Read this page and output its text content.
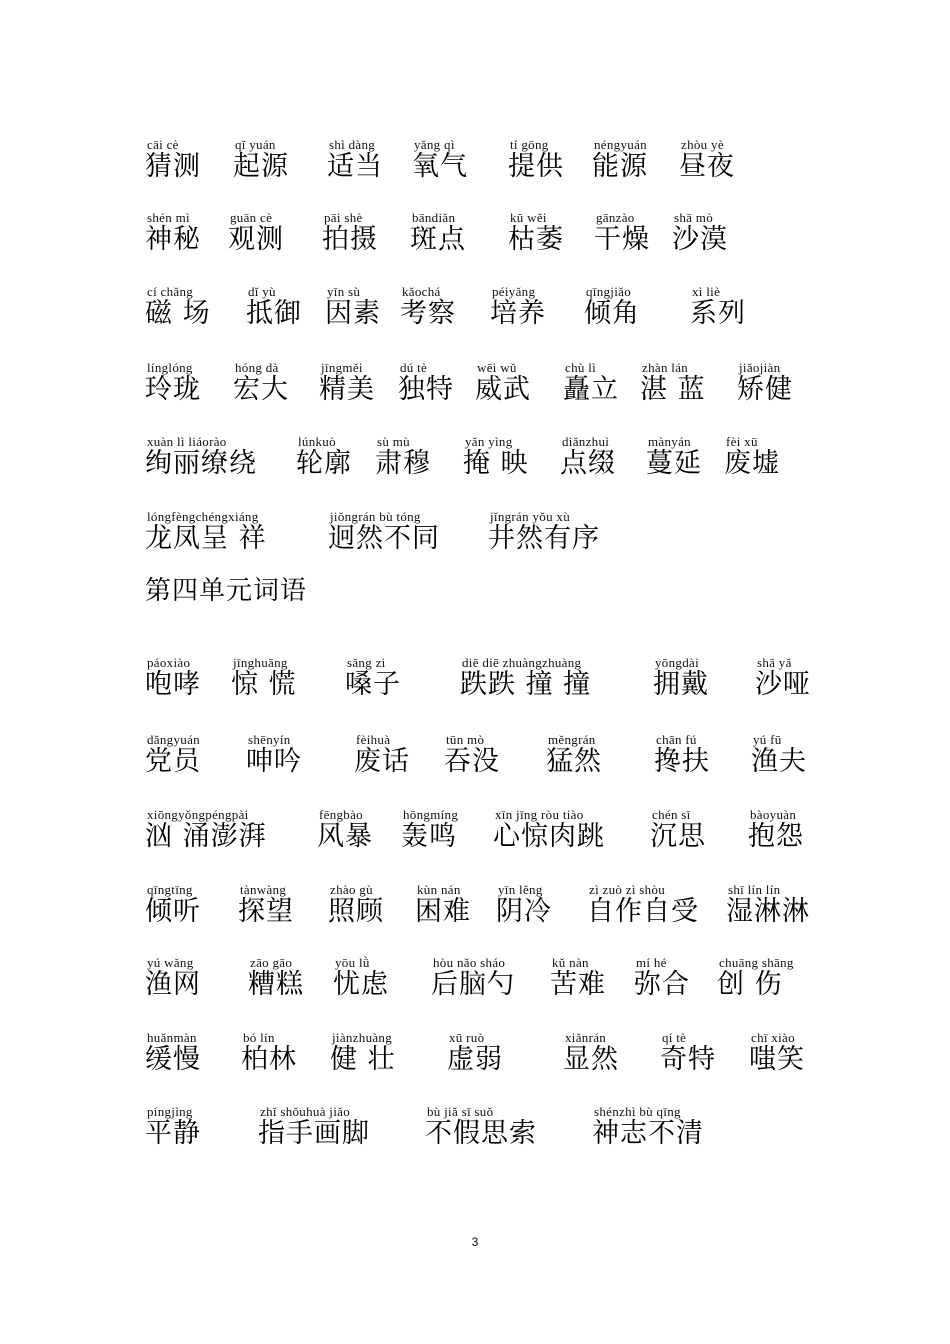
cāi cè
猜测
qǐ yuán
起源
shì dàng
适当
yǎng qì
氧气
tí gōng
提供
néngyuán
能源
zhòu yè
昼夜
shén mì
神秘
guān cè
观测
pāi shè
拍摄
bāndiǎn
斑点
kū wěi
枯萎
gānzào
干燥
shā mò
沙漠
cí chǎng
磁 场
dǐ yù
抵御
yīn sù
因素
kǎochá
考察
péiyǎng
培养
qīngjiǎo
倾角
xì liè
系列
línglóng
玲珑
hóng dà
宏大
jīngměi
精美
dú tè
独特
wēi wǔ
威武
chù lì
矗立
zhàn lán
湛 蓝
jiǎojiàn
矫健
xuàn lì liáorào
绚丽缭绕
lúnkuò
轮廓
sù mù
肃穆
yǎn yìng
掩 映
diǎnzhuì
点缀
mànyán
蔓延
fèi xū
废墟
lóngfèngchéngxiáng
龙凤呈 祥
jiǒngrán bù tóng
迥然不同
jǐngrán yǒu xù
井然有序
第四单元词语
páoxiào
咆哮
jīnghuāng
惊 慌
sǎng zi
嗓子
diē diē zhuàngzhuàng
跌跌 撞 撞
yōngdài
拥戴
shā yǎ
沙哑
dǎngyuán
党员
shēnyín
呻吟
fèihuà
废话
tūn mò
吞没
měngrán
猛然
chān fú
搀扶
yú fū
渔夫
xiōngyǒngpéngpài
汹 涌澎湃
fēngbào
风暴
hōngmíng
轰鸣
xīn jīng ròu tiào
心惊肉跳
chén sī
沉思
bàoyuàn
抱怨
qīngtīng
倾听
tànwàng
探望
zhào gù
照顾
kùn nán
困难
yīn lěng
阴冷
zì zuò zì shòu
自作自受
shī lín lín
湿淋淋
yú wǎng
渔网
zāo gāo
糟糕
yōu lǜ
忧虑
hòu nǎo sháo
后脑勺
kǔ nàn
苦难
mí hé
弥合
chuāng shāng
创 伤
huǎnmàn
缓慢
bó lín
柏林
jiànzhuàng
健 壮
xū ruò
虚弱
xiǎnrán
显然
qí tè
奇特
chī xiào
嗤笑
píngjìng
平静
zhǐ shǒuhuà jiǎo
指手画脚
bù jiǎ sī suǒ
不假思索
shénzhì bù qīng
神志不清
3
